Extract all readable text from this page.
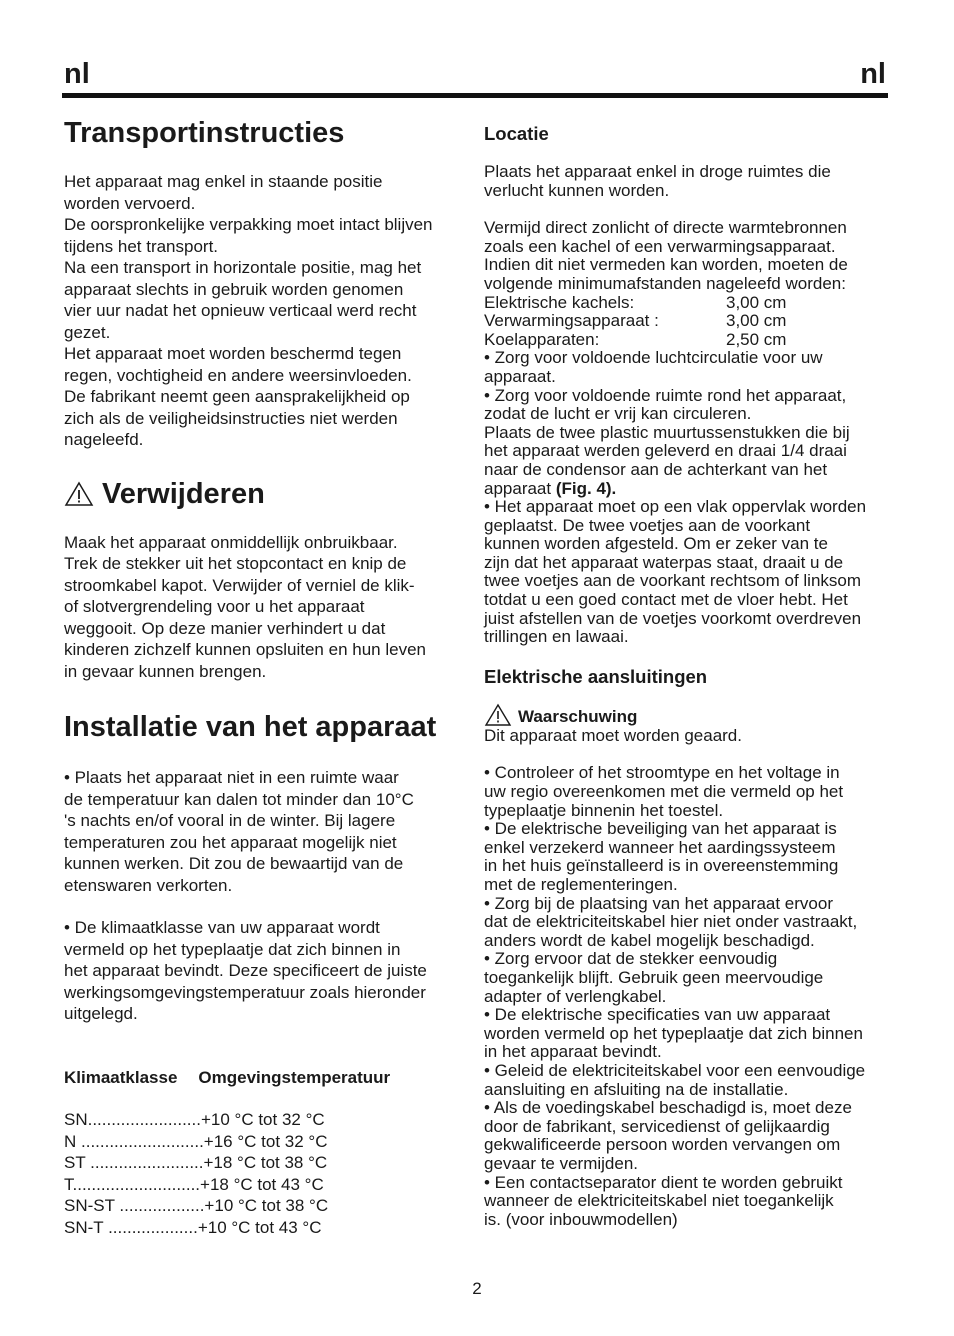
nl	nl
Transportinstructies

Het apparaat mag enkel in staande positie
worden vervoerd.
De oorspronkelijke verpakking moet intact blijven
tijdens het transport.
Na een transport in horizontale positie, mag het
apparaat slechts in gebruik worden genomen
vier uur nadat het opnieuw verticaal werd recht
gezet.
Het apparaat moet worden beschermd tegen
regen, vochtigheid en andere weersinvloeden.
De fabrikant neemt geen aansprakelijkheid op
zich als de veiligheidsinstructies niet werden
nageleefd.

Verwijderen

Maak het apparaat onmiddellijk onbruikbaar.
Trek de stekker uit het stopcontact en knip de
stroomkabel kapot. Verwijder of verniel de klik-
of slotvergrendeling voor u het apparaat
weggooit. Op deze manier verhindert u dat
kinderen zichzelf kunnen opsluiten en hun leven
in gevaar kunnen brengen.

Installatie van het apparaat

• Plaats het apparaat niet in een ruimte waar
de temperatuur kan dalen tot minder dan 10°C
's nachts en/of vooral in de winter. Bij lagere
temperaturen zou het apparaat mogelijk niet
kunnen werken. Dit zou de bewaartijd van de
etenswaren verkorten.

• De klimaatklasse van uw apparaat wordt
vermeld op het typeplaatje dat zich binnen in
het apparaat bevindt. Deze specificeert de juiste
werkingsomgevingstemperatuur zoals hieronder
uitgelegd.

Klimaatklasse Omgevingstemperatuur
SN........................+10 °C tot 32 °C
N ..........................+16 °C tot 32 °C
ST ........................+18 °C tot 38 °C
T...........................+18 °C tot 43 °C
SN-ST ..................+10 °C tot 38 °C
SN-T ...................+10 °C tot 43 °C
Locatie

Plaats het apparaat enkel in droge ruimtes die
verlucht kunnen worden.

Vermijd direct zonlicht of directe warmtebronnen
zoals een kachel of een verwarmingsapparaat.
Indien dit niet vermeden kan worden, moeten de
volgende minimumafstanden nageleefd worden:

Elektrische kachels:	3,00 cm
Verwarmingsapparaat :	3,00 cm
Koelapparaten:	2,50 cm

• Zorg voor voldoende luchtcirculatie voor uw
apparaat.
• Zorg voor voldoende ruimte rond het apparaat,
zodat de lucht er vrij kan circuleren.
Plaats de twee plastic muurtussenstukken die bij
het apparaat werden geleverd en draai 1/4 draai
naar de condensor aan de achterkant van het
apparaat (Fig. 4).

• Het apparaat moet op een vlak oppervlak worden
geplaatst. De twee voetjes aan de voorkant
kunnen worden afgesteld. Om er zeker van te
zijn dat het apparaat waterpas staat, draait u de
twee voetjes aan de voorkant rechtsom of linksom
totdat u een goed contact met de vloer hebt. Het
juist afstellen van de voetjes voorkomt overdreven
trillingen en lawaai.

Elektrische aansluitingen
Waarschuwing

Dit apparaat moet worden geaard.

• Controleer of het stroomtype en het voltage in
uw regio overeenkomen met die vermeld op het
typeplaatje binnenin het toestel.
• De elektrische beveiliging van het apparaat is
enkel verzekerd wanneer het aardingssysteem
in het huis geïnstalleerd is in overeenstemming
met de reglementeringen.
• Zorg bij de plaatsing van het apparaat ervoor
dat de elektriciteitskabel hier niet onder vastraakt,
anders wordt de kabel mogelijk beschadigd.
• Zorg ervoor dat de stekker eenvoudig
toegankelijk blijft. Gebruik geen meervoudige
adapter of verlengkabel.
• De elektrische specificaties van uw apparaat
worden vermeld op het typeplaatje dat zich binnen
in het apparaat bevindt.
• Geleid de elektriciteitskabel voor een eenvoudige
aansluiting en afsluiting na de installatie.
• Als de voedingskabel beschadigd is, moet deze
door de fabrikant, servicedienst of gelijkaardig
gekwalificeerde persoon worden vervangen om
gevaar te vermijden.
• Een contactseparator dient te worden gebruikt
wanneer de elektriciteitskabel niet toegankelijk
is. (voor inbouwmodellen)

2
